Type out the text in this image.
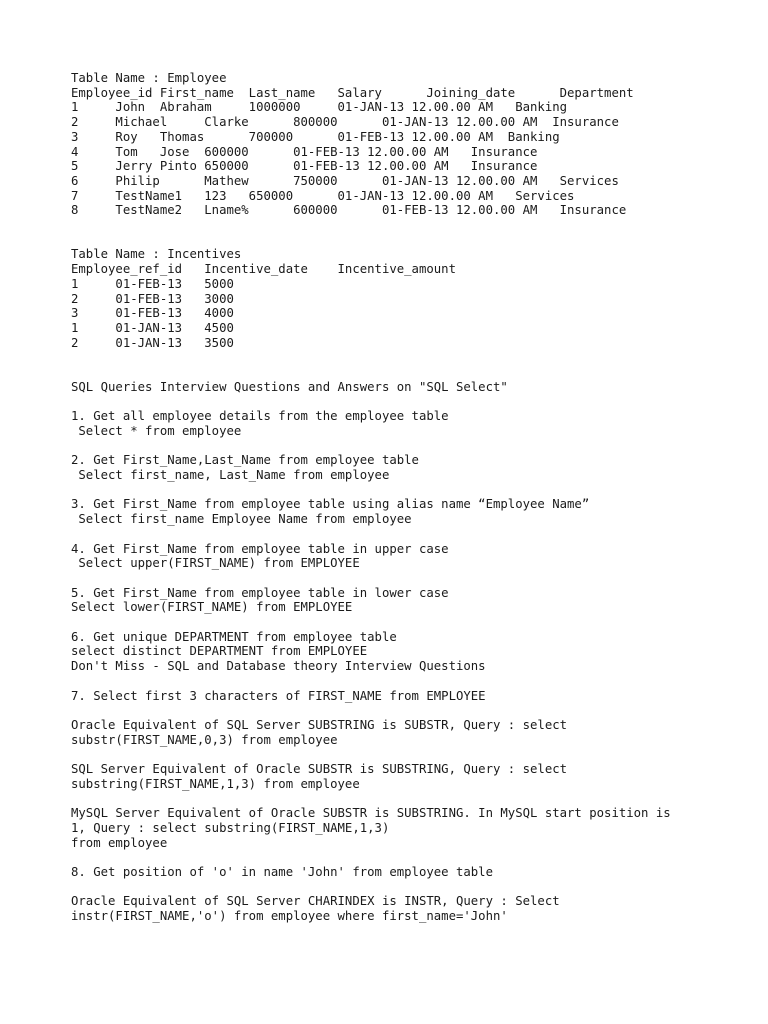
Table Name : Employee
Employee_id First_name  Last_name   Salary      Joining_date      Department
1     John  Abraham     1000000     01-JAN-13 12.00.00 AM   Banking
2     Michael     Clarke      800000      01-JAN-13 12.00.00 AM  Insurance
3     Roy   Thomas      700000      01-FEB-13 12.00.00 AM  Banking
4     Tom   Jose  600000      01-FEB-13 12.00.00 AM   Insurance
5     Jerry Pinto 650000      01-FEB-13 12.00.00 AM   Insurance
6     Philip      Mathew      750000      01-JAN-13 12.00.00 AM   Services
7     TestName1   123   650000      01-JAN-13 12.00.00 AM   Services
8     TestName2   Lname%      600000      01-FEB-13 12.00.00 AM   Insurance

Table Name : Incentives
Employee_ref_id   Incentive_date    Incentive_amount
1     01-FEB-13   5000
2     01-FEB-13   3000
3     01-FEB-13   4000
1     01-JAN-13   4500
2     01-JAN-13   3500

SQL Queries Interview Questions and Answers on "SQL Select"

1. Get all employee details from the employee table
Select * from employee

2. Get First_Name,Last_Name from employee table
Select first_name, Last_Name from employee

3. Get First_Name from employee table using alias name “Employee Name”
Select first_name Employee Name from employee

4. Get First_Name from employee table in upper case
Select upper(FIRST_NAME) from EMPLOYEE

5. Get First_Name from employee table in lower case
Select lower(FIRST_NAME) from EMPLOYEE

6. Get unique DEPARTMENT from employee table
select distinct DEPARTMENT from EMPLOYEE
Don't Miss - SQL and Database theory Interview Questions

7. Select first 3 characters of FIRST_NAME from EMPLOYEE

Oracle Equivalent of SQL Server SUBSTRING is SUBSTR, Query : select
substr(FIRST_NAME,0,3) from employee

SQL Server Equivalent of Oracle SUBSTR is SUBSTRING, Query : select
substring(FIRST_NAME,1,3) from employee

MySQL Server Equivalent of Oracle SUBSTR is SUBSTRING. In MySQL start position is
1, Query : select substring(FIRST_NAME,1,3)
from employee

8. Get position of 'o' in name 'John' from employee table

Oracle Equivalent of SQL Server CHARINDEX is INSTR, Query : Select
instr(FIRST_NAME,'o') from employee where first_name='John'
